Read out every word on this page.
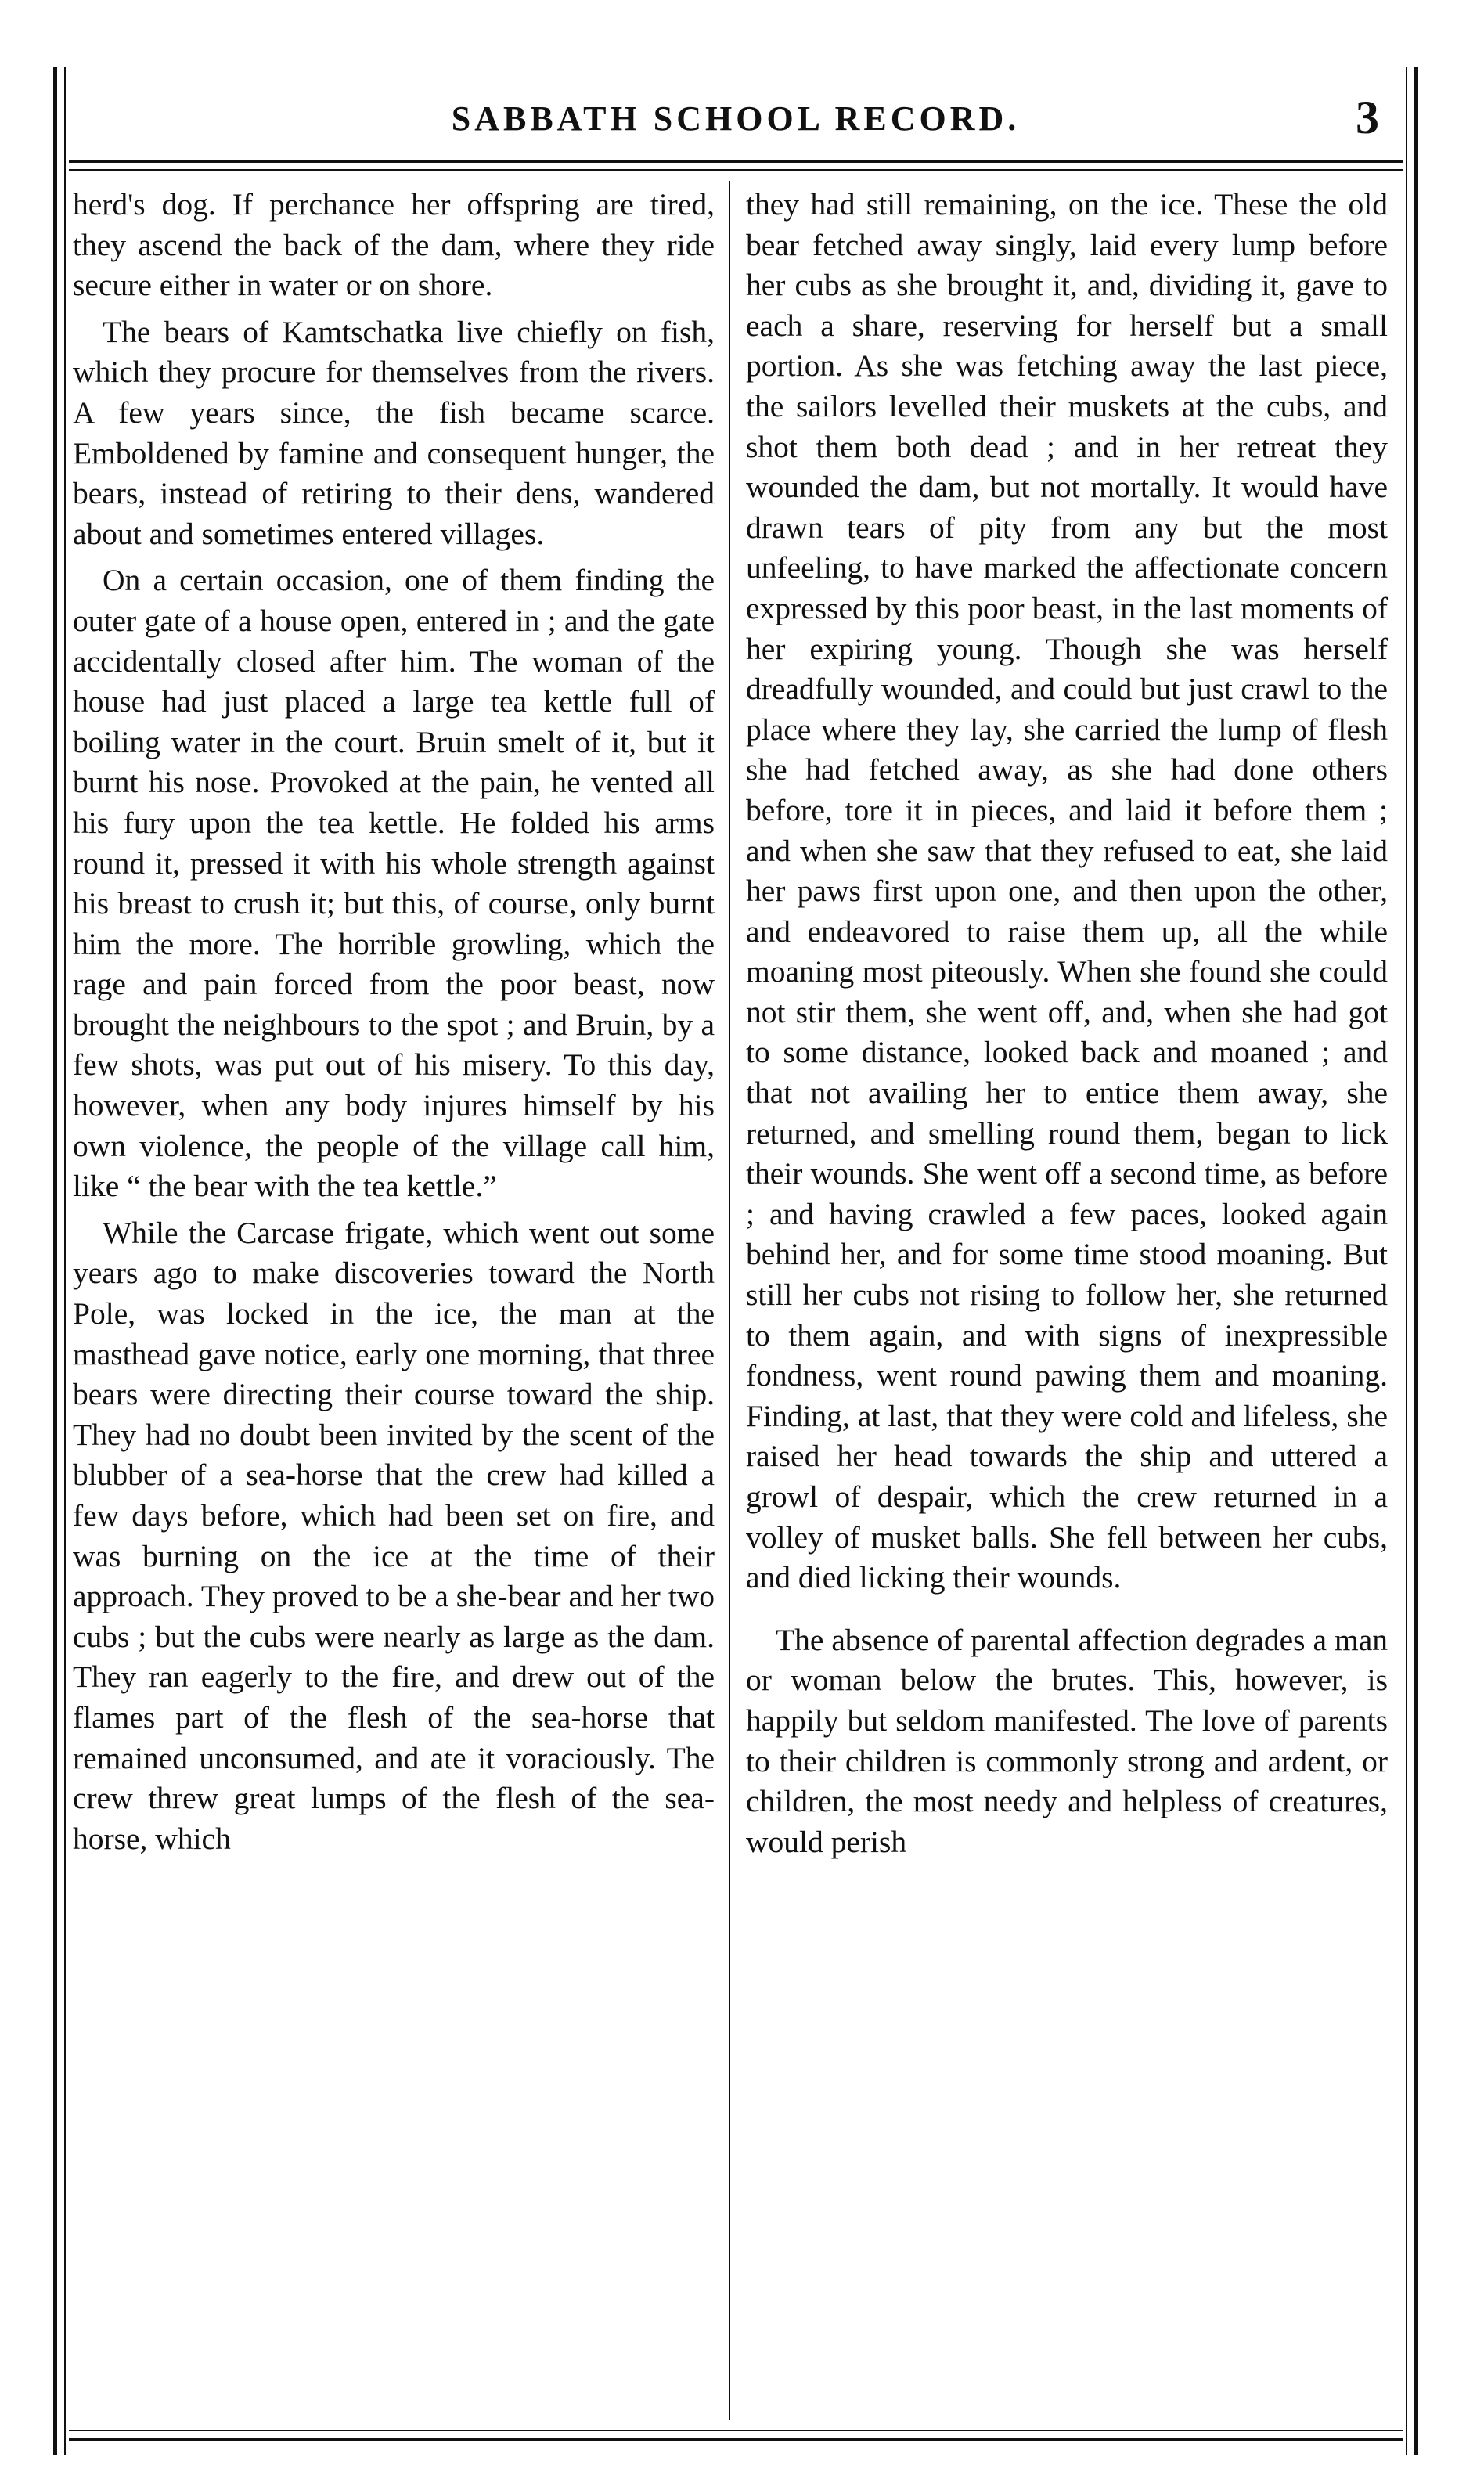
SABBATH SCHOOL RECORD.	3

herd's dog. If perchance her offspring are tired, they ascend the back of the dam, where they ride secure either in water or on shore.

The bears of Kamtschatka live chiefly on fish, which they procure for themselves from the rivers. A few years since, the fish became scarce. Emboldened by famine and consequent hunger, the bears, instead of retiring to their dens, wandered about and sometimes entered villages.

On a certain occasion, one of them finding the outer gate of a house open, entered in ; and the gate accidentally closed after him. The woman of the house had just placed a large tea kettle full of boiling water in the court. Bruin smelt of it, but it burnt his nose. Provoked at the pain, he vented all his fury upon the tea kettle. He folded his arms round it, pressed it with his whole strength against his breast to crush it; but this, of course, only burnt him the more. The horrible growling, which the rage and pain forced from the poor beast, now brought the neighbours to the spot ; and Bruin, by a few shots, was put out of his misery. To this day, however, when any body injures himself by his own violence, the people of the village call him, like “ the bear with the tea kettle.”

While the Carcase frigate, which went out some years ago to make discoveries toward the North Pole, was locked in the ice, the man at the masthead gave notice, early one morning, that three bears were directing their course toward the ship. They had no doubt been invited by the scent of the blubber of a sea-horse that the crew had killed a few days before, which had been set on fire, and was burning on the ice at the time of their approach. They proved to be a she-bear and her two cubs ; but the cubs were nearly as large as the dam. They ran eagerly to the fire, and drew out of the flames part of the flesh of the sea-horse that remained unconsumed, and ate it voraciously. The crew threw great lumps of the flesh of the sea-horse, which

they had still remaining, on the ice. These the old bear fetched away singly, laid every lump before her cubs as she brought it, and, dividing it, gave to each a share, reserving for herself but a small portion. As she was fetching away the last piece, the sailors levelled their muskets at the cubs, and shot them both dead ; and in her retreat they wounded the dam, but not mortally. It would have drawn tears of pity from any but the most unfeeling, to have marked the affectionate concern expressed by this poor beast, in the last moments of her expiring young. Though she was herself dreadfully wounded, and could but just crawl to the place where they lay, she carried the lump of flesh she had fetched away, as she had done others before, tore it in pieces, and laid it before them ; and when she saw that they refused to eat, she laid her paws first upon one, and then upon the other, and endeavored to raise them up, all the while moaning most piteously. When she found she could not stir them, she went off, and, when she had got to some distance, looked back and moaned ; and that not availing her to entice them away, she returned, and smelling round them, began to lick their wounds. She went off a second time, as before ; and having crawled a few paces, looked again behind her, and for some time stood moaning. But still her cubs not rising to follow her, she returned to them again, and with signs of inexpressible fondness, went round pawing them and moaning. Finding, at last, that they were cold and lifeless, she raised her head towards the ship and uttered a growl of despair, which the crew returned in a volley of musket balls. She fell between her cubs, and died licking their wounds.

The absence of parental affection degrades a man or woman below the brutes. This, however, is happily but seldom manifested. The love of parents to their children is commonly strong and ardent, or children, the most needy and helpless of creatures, would perish
